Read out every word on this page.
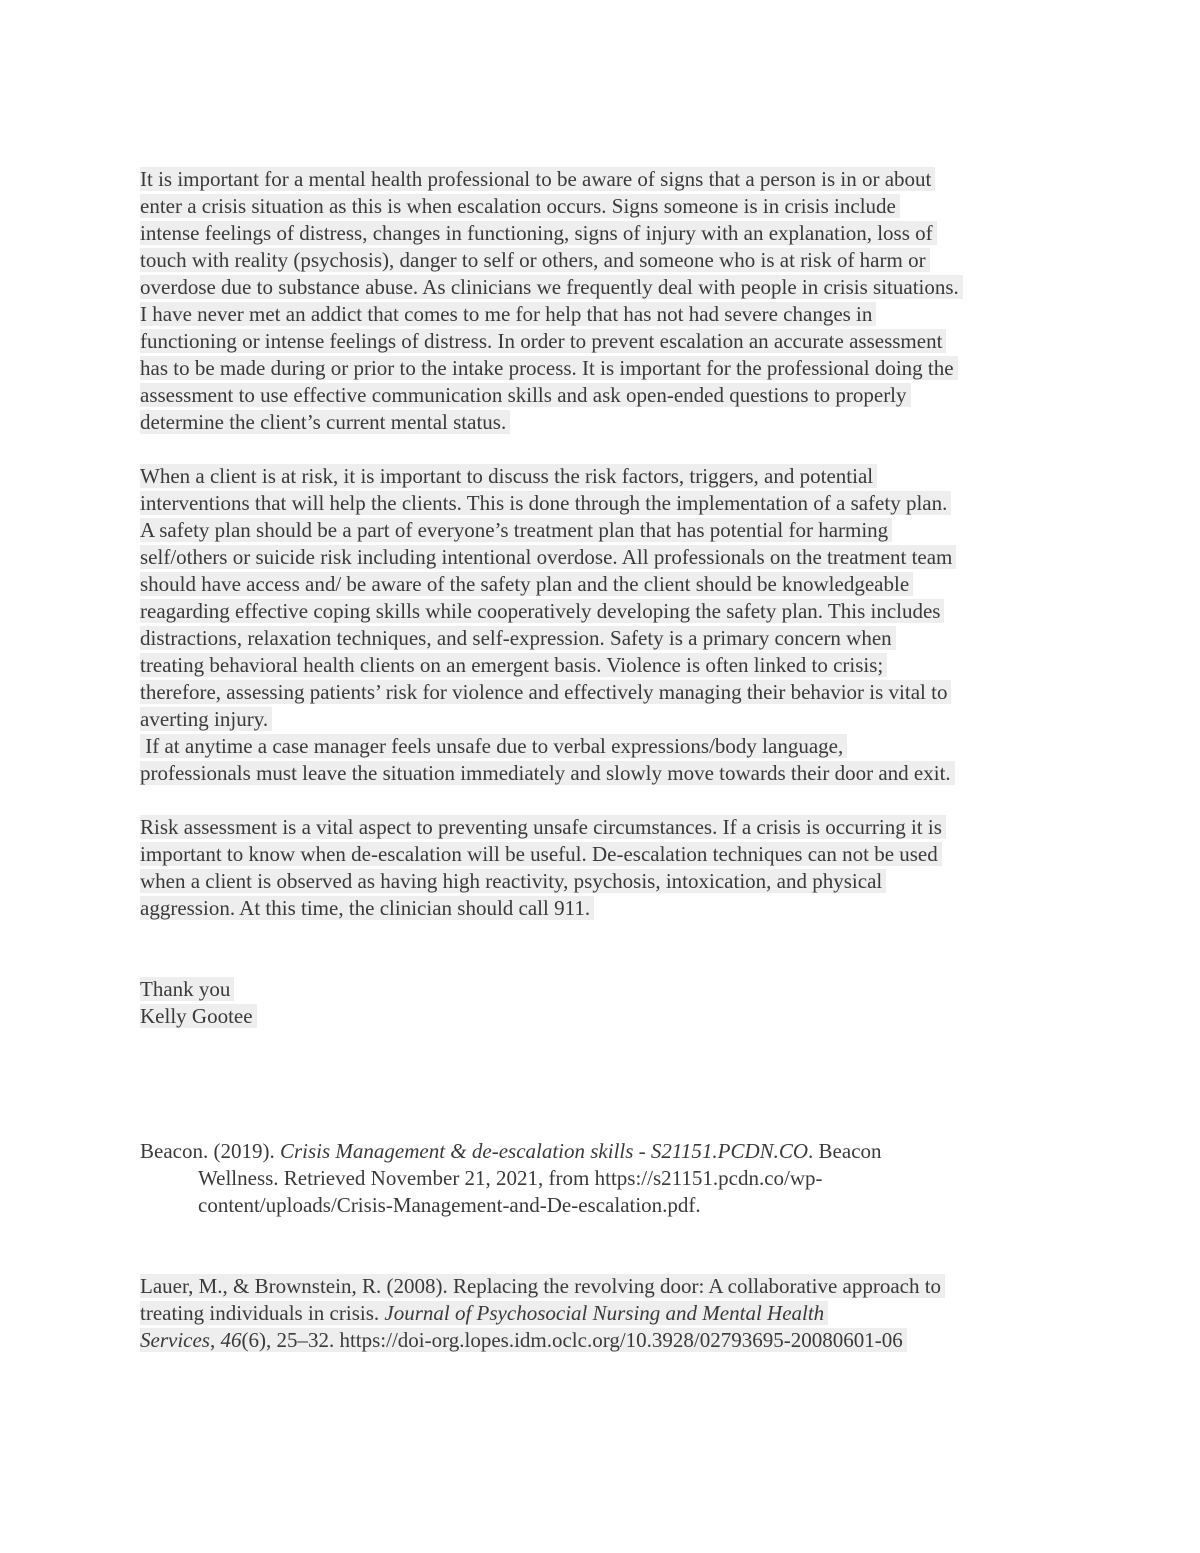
It is important for a mental health professional to be aware of signs that a person is in or about
enter a crisis situation as this is when escalation occurs. Signs someone is in crisis include
intense feelings of distress, changes in functioning, signs of injury with an explanation, loss of
touch with reality (psychosis), danger to self or others, and someone who is at risk of harm or
overdose due to substance abuse. As clinicians we frequently deal with people in crisis situations.
I have never met an addict that comes to me for help that has not had severe changes in
functioning or intense feelings of distress. In order to prevent escalation an accurate assessment
has to be made during or prior to the intake process. It is important for the professional doing the
assessment to use effective communication skills and ask open-ended questions to properly
determine the client’s current mental status.
When a client is at risk, it is important to discuss the risk factors, triggers, and potential
interventions that will help the clients. This is done through the implementation of a safety plan.
A safety plan should be a part of everyone’s treatment plan that has potential for harming
self/others or suicide risk including intentional overdose. All professionals on the treatment team
should have access and/ be aware of the safety plan and the client should be knowledgeable
reagarding effective coping skills while cooperatively developing the safety plan. This includes
distractions, relaxation techniques, and self-expression. Safety is a primary concern when
treating behavioral health clients on an emergent basis. Violence is often linked to crisis;
therefore, assessing patients’ risk for violence and effectively managing their behavior is vital to
averting injury.
If at anytime a case manager feels unsafe due to verbal expressions/body language,
professionals must leave the situation immediately and slowly move towards their door and exit.
Risk assessment is a vital aspect to preventing unsafe circumstances. If a crisis is occurring it is
important to know when de-escalation will be useful. De-escalation techniques can not be used
when a client is observed as having high reactivity, psychosis, intoxication, and physical
aggression. At this time, the clinician should call 911.
Thank you
Kelly Gootee
Beacon. (2019). Crisis Management & de-escalation skills - S21151.PCDN.CO. Beacon
Wellness. Retrieved November 21, 2021, from https://s21151.pcdn.co/wp-
content/uploads/Crisis-Management-and-De-escalation.pdf.
Lauer, M., & Brownstein, R. (2008). Replacing the revolving door: A collaborative approach to
treating individuals in crisis. Journal of Psychosocial Nursing and Mental Health
Services, 46(6), 25–32. https://doi-org.lopes.idm.oclc.org/10.3928/02793695-20080601-06
